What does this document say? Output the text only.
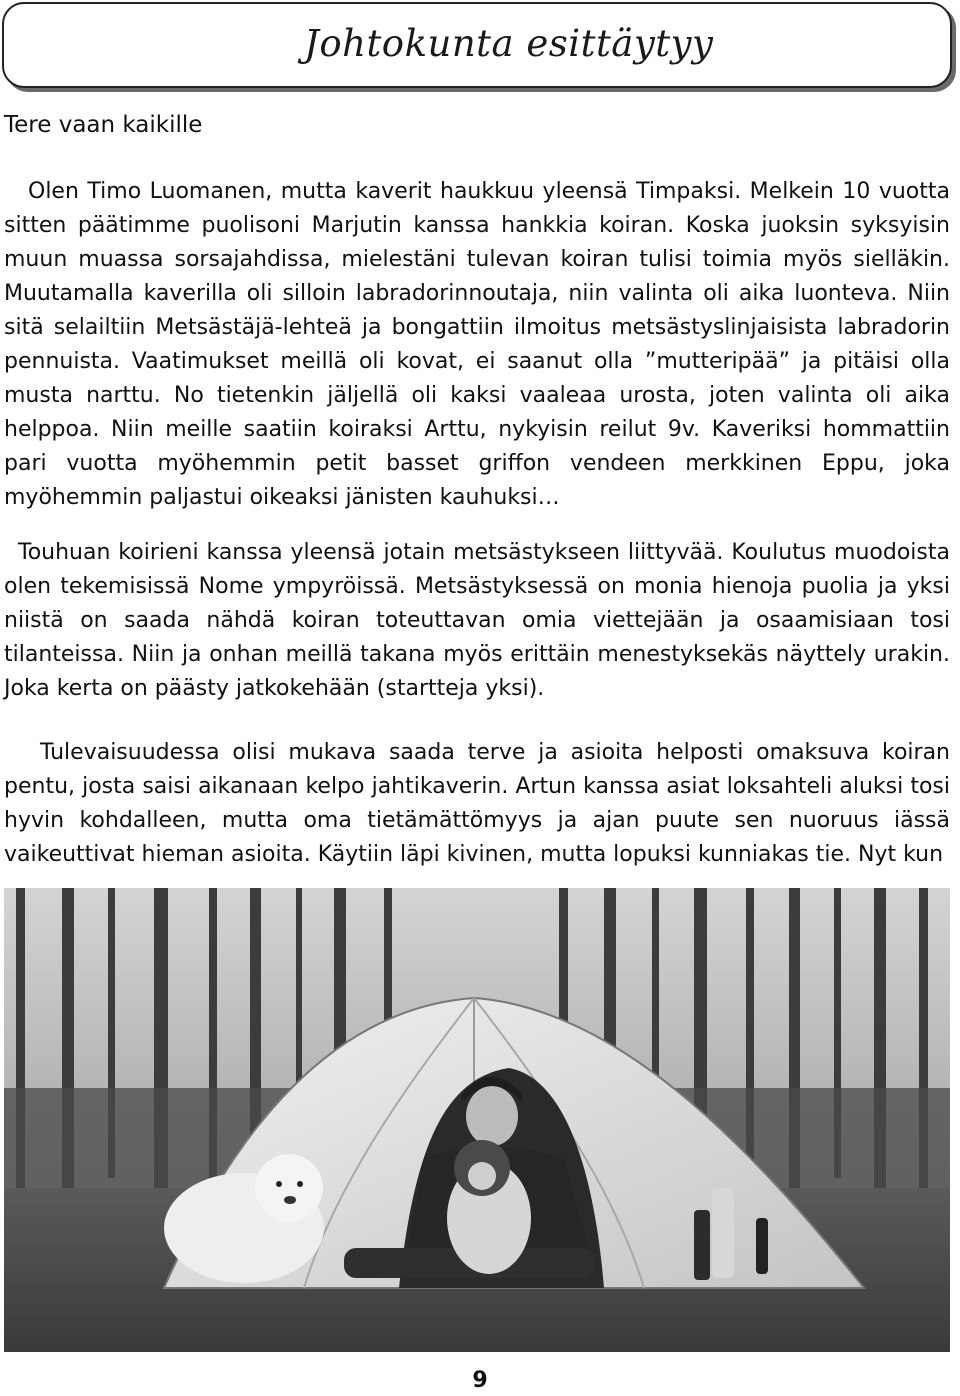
Johtokunta esittäytyy
Tere vaan kaikille

Olen Timo Luomanen, mutta kaverit haukkuu yleensä Timpaksi. Melkein 10 vuotta sitten päätimme puolisoni Marjutin kanssa hankkia koiran. Koska juoksin syksyisin muun muassa sorsajahdissa, mielestäni tulevan koiran tulisi toimia myös sielläkin. Muutamalla kaverilla oli silloin labradorinnoutaja, niin valinta oli aika luonteva. Niin sitä selailtiin Metsästäjä-lehteä ja bongattiin ilmoitus metsästyslinjaisista labradorin pennuista. Vaatimukset meillä oli kovat, ei saanut olla ”mutteripää” ja pitäisi olla musta narttu. No tietenkin jäljellä oli kaksi vaaleaa urosta, joten valinta oli aika helppoa. Niin meille saatiin koiraksi Arttu, nykyisin reilut 9v. Kaveriksi hommattiin pari vuotta myöhemmin petit basset griffon vendeen merkkinen Eppu, joka myöhemmin paljastui oikeaksi jänisten kauhuksi…

Touhuan koirieni kanssa yleensä jotain metsästykseen liittyvää. Koulutus muodoista olen tekemisissä Nome ympyröissä. Metsästyksessä on monia hienoja puolia ja yksi niistä on saada nähdä koiran toteuttavan omia viettejään ja osaamisiaan tosi tilanteissa. Niin ja onhan meillä takana myös erittäin menestyksekäs näyttely urakin. Joka kerta on päästy jatkokehään (startteja yksi).

Tulevaisuudessa olisi mukava saada terve ja asioita helposti omaksuva koiran pentu, josta saisi aikanaan kelpo jahtikaverin. Artun kanssa asiat loksahteli aluksi tosi hyvin kohdalleen, mutta oma tietämättömyys ja ajan puute sen nuoruus iässä vaikeuttivat hieman asioita. Käytiin läpi kivinen, mutta lopuksi kunniakas tie. Nyt kun

9
